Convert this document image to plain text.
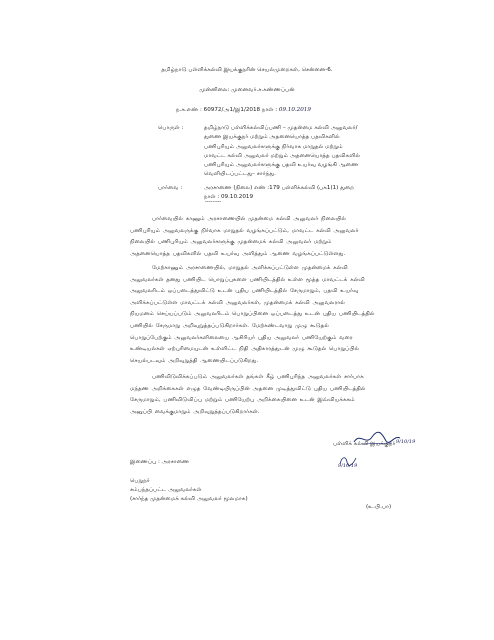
தமிழ்நாடு பள்ளிக்கல்வி இயக்குநரின் செயல்முறைகள், சென்னை-6.
முன்னிலை: முனைவர்.ச.கண்ணப்பன்
ந.க.எண் : 60972/அ1/இ1/2018 நாள் : 09.10.2019
பொருள் :	தமிழ்நாடு பள்ளிக்கல்விப்பணி – முதன்மை கல்வி அலுவலர்/
துணை இயக்குநர் மற்றும் அதனையொத்த பதவிகளில்
பணிபுரியும் அலுவலர்களுக்கு நிர்வாக மாறுதல் மற்றும்
மாவட்ட கல்வி அலுவலர் மற்றும் அதனையொத்த பதவிகளில்
பணிபுரியும் அலுவலர்களுக்கு பதவி உயர்வு வழங்கி ஆணை
வெளியிடப்பட்டது– சார்ந்து.
பார்வை :	அரசாணை (நிலை) எண் :179 பள்ளிக்கல்வி (பக1(1) துறை
நாள் : 09.10.2019
---------
பார்வையில் காணும் அரசாணையில் முதன்மை கல்வி அலுவலர் நிலையில்
பணிபுரியும் அலுவலருக்கு நிர்வாக மாறுதல் வழங்கப்பட்டும், மாவட்ட கல்வி அலுவலர்
நிலையில் பணிபுரியும் அலுவலர்களுக்கு முதன்மைக் கல்வி அலுவலர் மற்றும்
அதனையொத்த பதவிகளில் பதவி உயர்வு அளித்தும் ஆணை வழங்கப்பட்டுள்ளது.
மேற்காணும் அரசாணையில், மாறுதல் அளிக்கப்பட்டுள்ள முதன்மைக் கல்வி
அலுவலர்கள் தனது பணியிட பொறுப்புகளை பணியிடத்தில் உள்ள மூத்த மாவட்டக் கல்வி
அலுவலரிடம் ஒப்படைத்துவிட்டு உடன் புதிய பணியிடத்தில் சேருமாறும், பதவி உயர்வு
அளிக்கப்பட்டுள்ள மாவட்டக் கல்வி அலுவலர்கள், முதன்மைக் கல்வி அலுவலரால்
நியமனம் செய்யப்படும் அலுவலரிடம் பொறுப்பினை ஒப்படைத்து உடன் புதிய பணியிடத்தில்
பணியில் சேருமாறு அறிவுறுத்தப்படுகிறார்கள். மேற்கண்டவாறு முழு கூடுதல்
பொறுப்பேற்கும் அலுவலர்களிலையை ஆசிரியர் புதிய அலுவலர் பணியேற்கும் வரை
உண்டியல்கள் ஏற்புரிமையுடன் உள்ளிட்ட நிதி அதிகாரத்துடன் முழு கூடுதல் பொறுப்பில்
செயல்படவும் அறிவுறுத்தி ஆணையிடப்படுகிறது.
பணிவிடுவிக்கப்படும் அலுவலர்கள் தங்கள் கீழ் பணிபுரிந்த அலுவலர்கள் சார்பாக
மந்தண அறிக்கைகள் எழுத வேண்டியிருப்பின் அதனை முடித்துவிட்டு புதிய பணியிடத்தில்
சேருமாறும், பணிவிடுவிப்பு மற்றும் பணியேற்பு அறிக்கையினை உடன் இவ்வியக்ககம்
அனுப்பி வைக்குமாறும் அறிவுறுத்தப்படுகிறார்கள்.
பள்ளிக் கல்வி இயக்குநர் 9/10/19
9/10/19
இணைப்பு : அரசாணை
பெறுநர்
சம்பந்தப்பட்ட அலுவலர்கள்
(சார்ந்த முதன்மைக் கல்வி அலுவலர் மூலமாக)
(உ.பி.பா)
